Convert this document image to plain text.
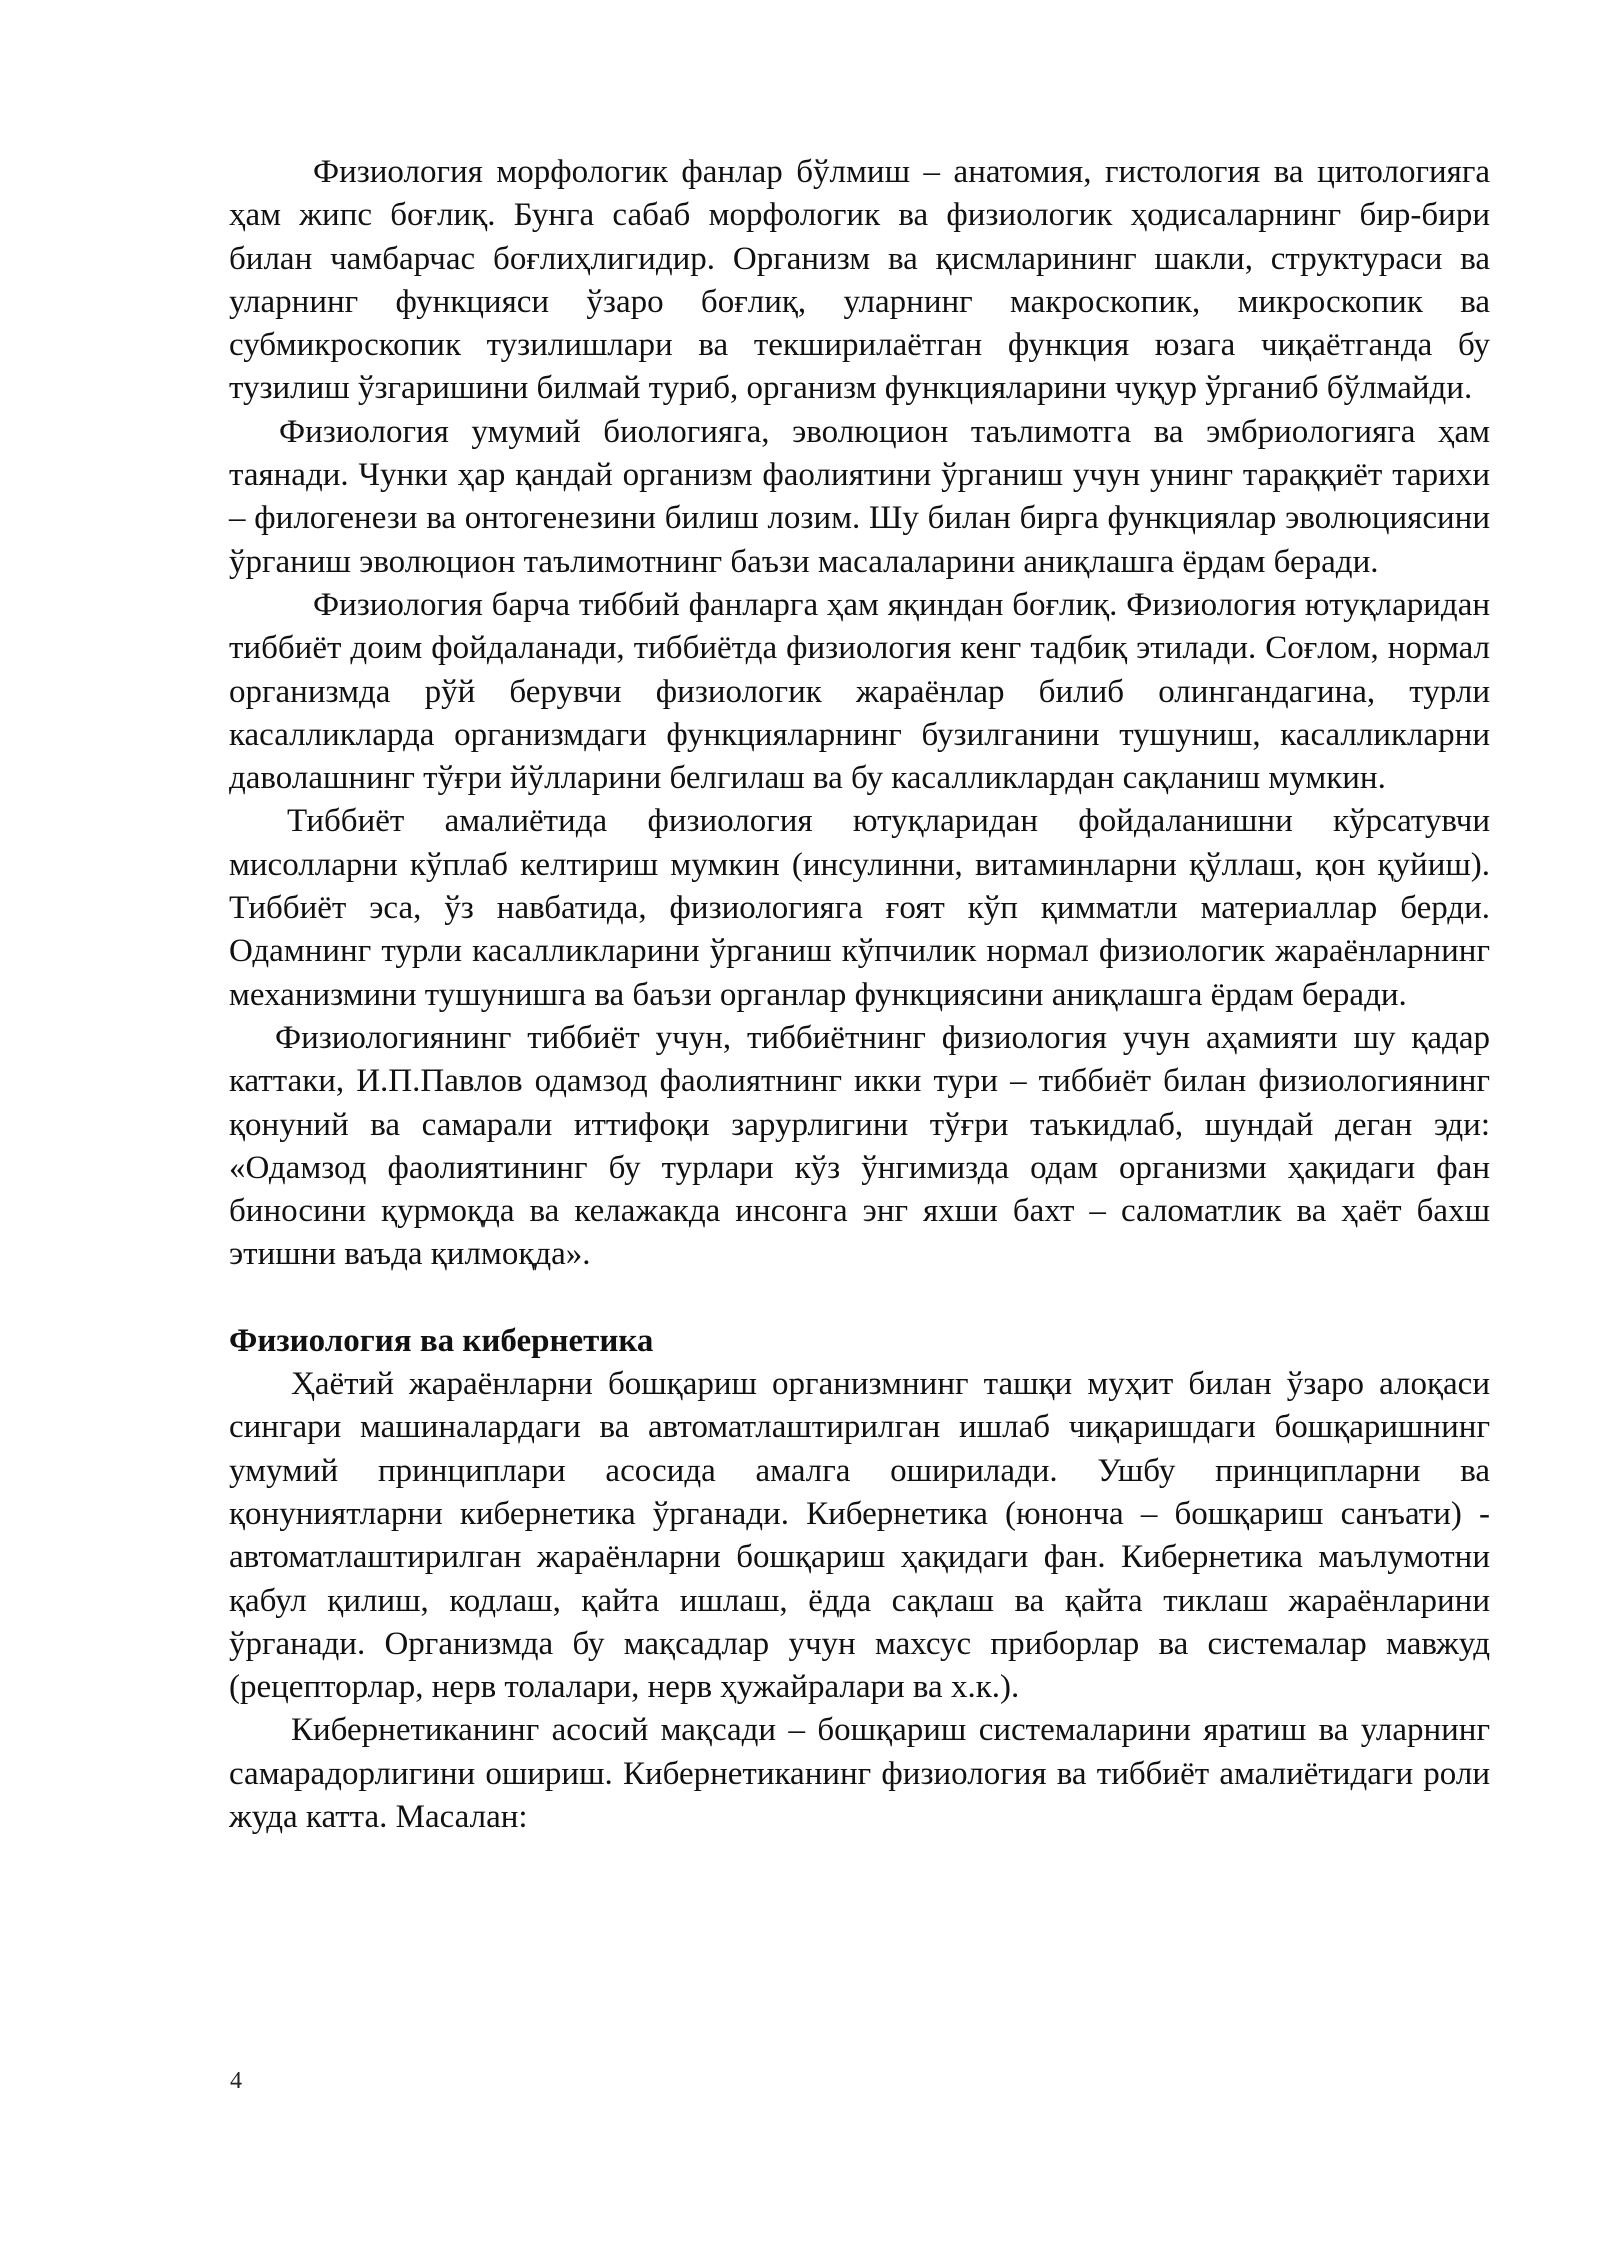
Физиология морфологик фанлар бўлмиш – анатомия, гистология ва цитологияга ҳам жипс боғлиқ. Бунга сабаб морфологик ва физиологик ҳодисаларнинг бир-бири билан чамбарчас боғлиҳлигидир. Организм ва қисмларининг шакли, структураси ва уларнинг функцияси ўзаро боғлиқ, уларнинг макроскопик, микроскопик ва субмикроскопик тузилишлари ва текширилаётган функция юзага чиқаётганда бу тузилиш ўзгаришини билмай туриб, организм функцияларини чуқур ўрганиб бўлмайди.

Физиология умумий биологияга, эволюцион таълимотга ва эмбриологияга ҳам таянади. Чунки ҳар қандай организм фаолиятини ўрганиш учун унинг тараққиёт тарихи – филогенези ва онтогенезини билиш лозим. Шу билан бирга функциялар эволюциясини ўрганиш эволюцион таълимотнинг баъзи масалаларини аниқлашга ёрдам беради.

Физиология барча тиббий фанларга ҳам яқиндан боғлиқ. Физиология ютуқларидан тиббиёт доим фойдаланади, тиббиётда физиология кенг тадбиқ этилади. Соғлом, нормал организмда рўй берувчи физиологик жараёнлар билиб олингандагина, турли касалликларда организмдаги функцияларнинг бузилганини тушуниш, касалликларни даволашнинг тўғри йўлларини белгилаш ва бу касалликлардан сақланиш мумкин.

Тиббиёт амалиётида физиология ютуқларидан фойдаланишни кўрсатувчи мисолларни кўплаб келтириш мумкин (инсулинни, витаминларни қўллаш, қон қуйиш). Тиббиёт эса, ўз навбатида, физиологияга ғоят кўп қимматли материаллар берди. Одамнинг турли касалликларини ўрганиш кўпчилик нормал физиологик жараёнларнинг механизмини тушунишга ва баъзи органлар функциясини аниқлашга ёрдам беради.

Физиологиянинг тиббиёт учун, тиббиётнинг физиология учун аҳамияти шу қадар каттаки, И.П.Павлов одамзод фаолиятнинг икки тури – тиббиёт билан физиологиянинг қонуний ва самарали иттифоқи зарурлигини тўғри таъкидлаб, шундай деган эди: «Одамзод фаолиятининг бу турлари кўз ўнгимизда одам организми ҳақидаги фан биносини қурмоқда ва келажакда инсонга энг яхши бахт – саломатлик ва ҳаёт бахш этишни ваъда қилмоқда».

Физиология ва кибернетика

Ҳаётий жараёнларни бошқариш организмнинг ташқи муҳит билан ўзаро алоқаси сингари машиналардаги ва автоматлаштирилган ишлаб чиқаришдаги бошқаришнинг умумий принциплари асосида амалга оширилади. Ушбу принципларни ва қонуниятларни кибернетика ўрганади. Кибернетика (юнонча – бошқариш санъати) - автоматлаштирилган жараёнларни бошқариш ҳақидаги фан. Кибернетика маълумотни қабул қилиш, кодлаш, қайта ишлаш, ёдда сақлаш ва қайта тиклаш жараёнларини ўрганади. Организмда бу мақсадлар учун махсус приборлар ва системалар мавжуд (рецепторлар, нерв толалари, нерв ҳужайралари ва х.к.).

Кибернетиканинг асосий мақсади – бошқариш системаларини яратиш ва уларнинг самарадорлигини ошириш. Кибернетиканинг физиология ва тиббиёт амалиётидаги роли жуда катта. Масалан:

4
